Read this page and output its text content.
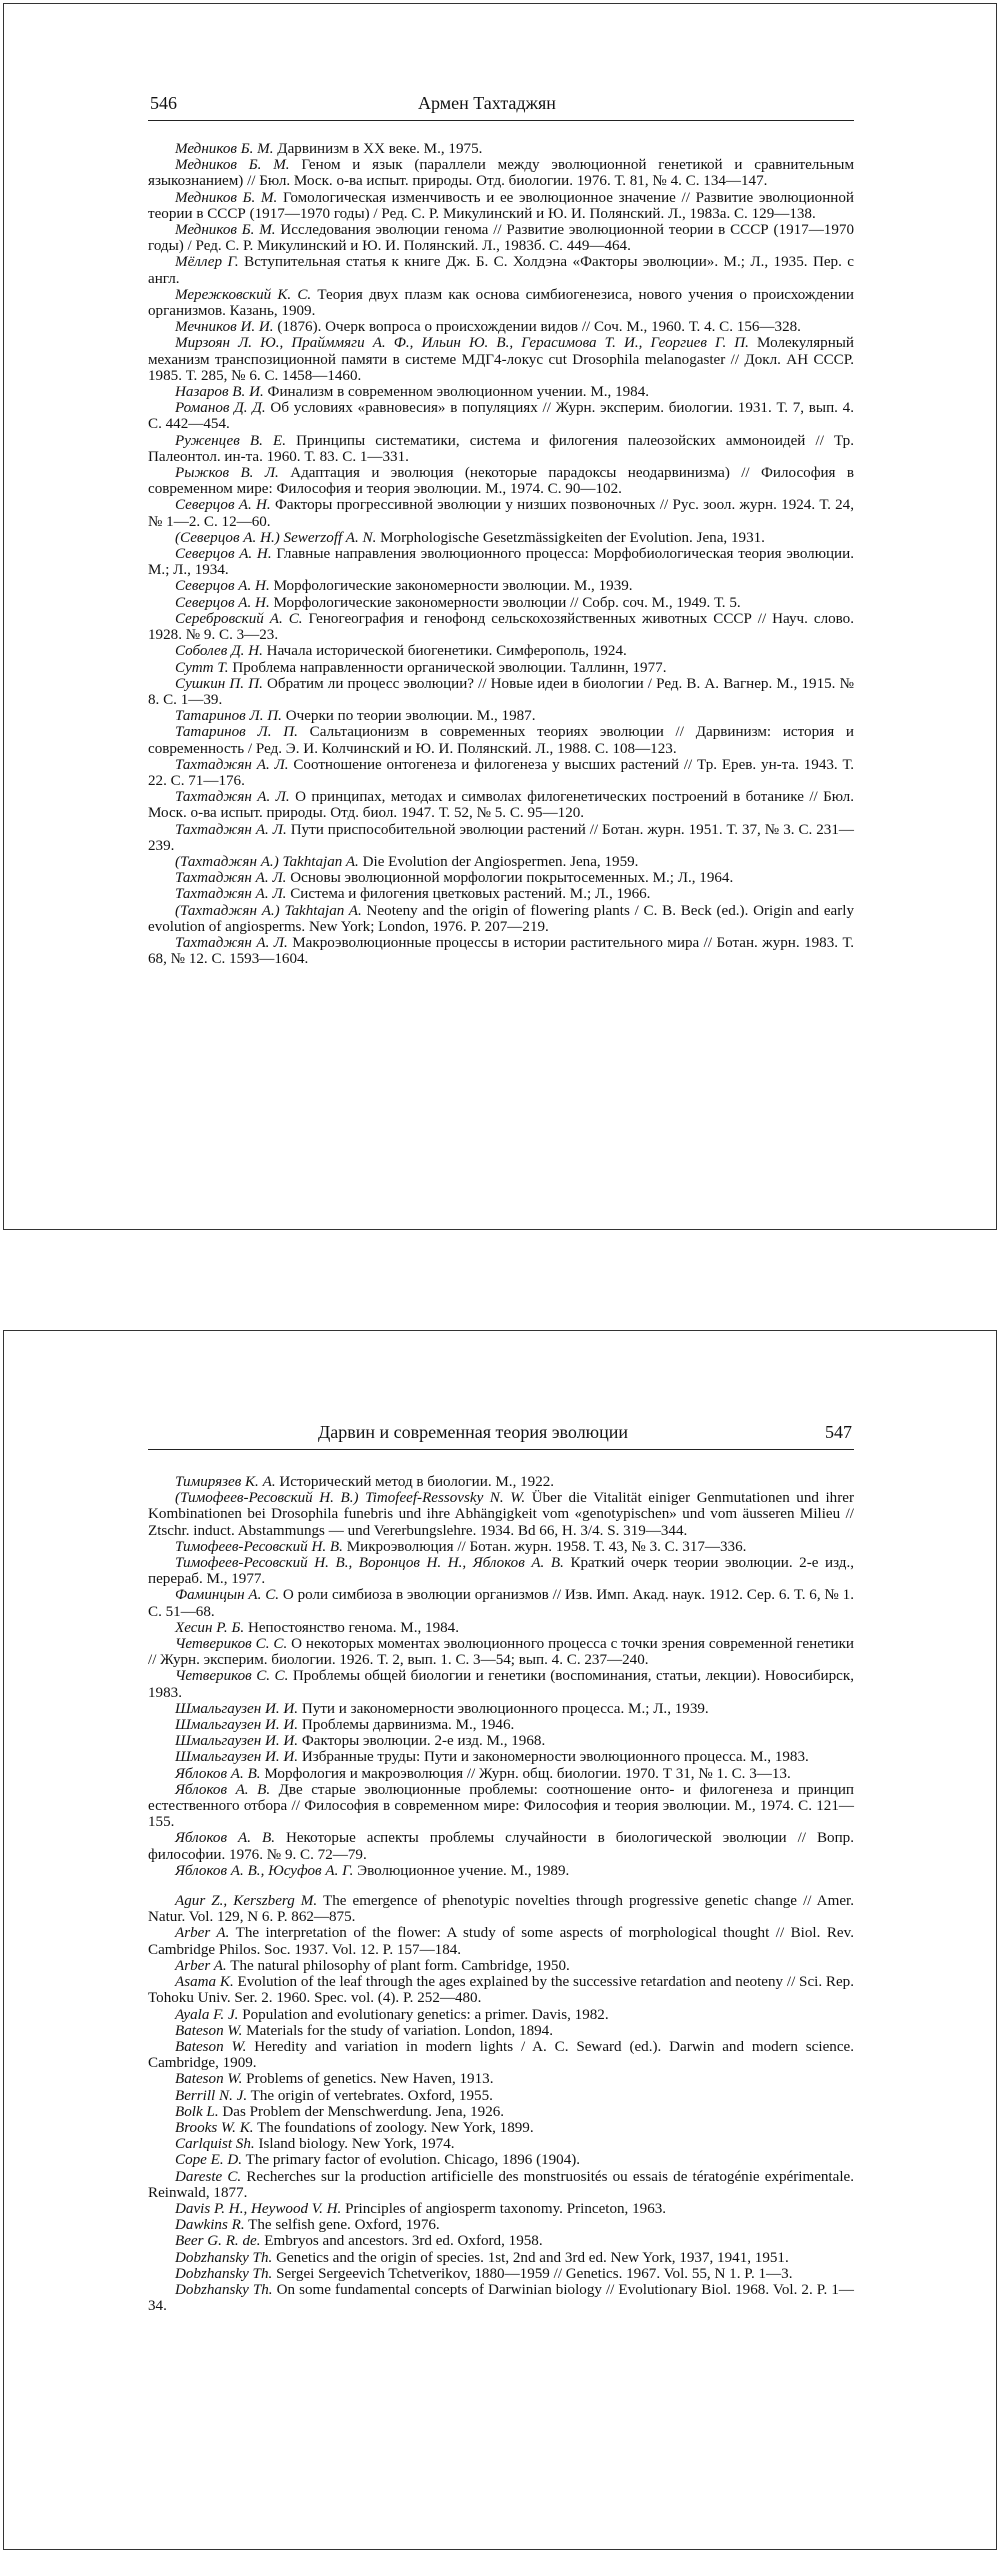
546	Армен Тахтаджян

Медников Б. М. Дарвинизм в XX веке. М., 1975.

Медников Б. М. Геном и язык (параллели между эволюционной генетикой и сравнительным языкознанием) // Бюл. Моск. о-ва испыт. природы. Отд. биологии. 1976. Т. 81, № 4. С. 134—147.

Медников Б. М. Гомологическая изменчивость и ее эволюционное значение // Развитие эволюционной теории в СССР (1917—1970 годы) / Ред. С. Р. Микулинский и Ю. И. Полянский. Л., 1983а. С. 129—138.

Медников Б. М. Исследования эволюции генома // Развитие эволюционной теории в СССР (1917—1970 годы) / Ред. С. Р. Микулинский и Ю. И. Полянский. Л., 1983б. С. 449—464.

Мёллер Г. Вступительная статья к книге Дж. Б. С. Холдэна «Факторы эволюции». М.; Л., 1935. Пер. с англ.

Мережковский К. С. Теория двух плазм как основа симбиогенезиса, нового учения о происхождении организмов. Казань, 1909.

Мечников И. И. (1876). Очерк вопроса о происхождении видов // Соч. М., 1960. Т. 4. С. 156—328.

Мирзоян Л. Ю., Прайммяги А. Ф., Ильин Ю. В., Герасимова Т. И., Георгиев Г. П. Молекулярный механизм транспозиционной памяти в системе МДГ4-локус cut Drosophila melanogaster // Докл. АН СССР. 1985. Т. 285, № 6. С. 1458—1460.

Назаров В. И. Финализм в современном эволюционном учении. М., 1984.

Романов Д. Д. Об условиях «равновесия» в популяциях // Журн. эксперим. биологии. 1931. Т. 7, вып. 4. С. 442—454.

Руженцев В. Е. Принципы систематики, система и филогения палеозойских аммоноидей // Тр. Палеонтол. ин-та. 1960. Т. 83. С. 1—331.

Рыжков В. Л. Адаптация и эволюция (некоторые парадоксы неодарвинизма) // Философия в современном мире: Философия и теория эволюции. М., 1974. С. 90—102.

Северцов А. Н. Факторы прогрессивной эволюции у низших позвоночных // Рус. зоол. журн. 1924. Т. 24, № 1—2. С. 12—60.

(Северцов А. Н.) Sewerzoff A. N. Morphologische Gesetzmässigkeiten der Evolution. Jena, 1931.

Северцов А. Н. Главные направления эволюционного процесса: Морфобиологическая теория эволюции. М.; Л., 1934.

Северцов А. Н. Морфологические закономерности эволюции. М., 1939.

Северцов А. Н. Морфологические закономерности эволюции // Собр. соч. М., 1949. Т. 5.

Серебровский А. С. Геногеография и генофонд сельскохозяйственных животных СССР // Науч. слово. 1928. № 9. С. 3—23.

Соболев Д. Н. Начала исторической биогенетики. Симферополь, 1924.

Сутт Т. Проблема направленности органической эволюции. Таллинн, 1977.

Сушкин П. П. Обратим ли процесс эволюции? // Новые идеи в биологии / Ред. В. А. Вагнер. М., 1915. № 8. С. 1—39.

Татаринов Л. П. Очерки по теории эволюции. М., 1987.

Татаринов Л. П. Сальтационизм в современных теориях эволюции // Дарвинизм: история и современность / Ред. Э. И. Колчинский и Ю. И. Полянский. Л., 1988. С. 108—123.

Тахтаджян А. Л. Соотношение онтогенеза и филогенеза у высших растений // Тр. Ерев. ун-та. 1943. Т. 22. С. 71—176.

Тахтаджян А. Л. О принципах, методах и символах филогенетических построений в ботанике // Бюл. Моск. о-ва испыт. природы. Отд. биол. 1947. Т. 52, № 5. С. 95—120.

Тахтаджян А. Л. Пути приспособительной эволюции растений // Ботан. журн. 1951. Т. 37, № 3. С. 231—239.

(Тахтаджян А.) Takhtajan A. Die Evolution der Angiospermen. Jena, 1959.

Тахтаджян А. Л. Основы эволюционной морфологии покрытосеменных. М.; Л., 1964.

Тахтаджян А. Л. Система и филогения цветковых растений. М.; Л., 1966.

(Тахтаджян А.) Takhtajan A. Neoteny and the origin of flowering plants / C. B. Beck (ed.). Origin and early evolution of angiosperms. New York; London, 1976. P. 207—219.

Тахтаджян А. Л. Макроэволюционные процессы в истории растительного мира // Ботан. журн. 1983. Т. 68, № 12. С. 1593—1604.

Дарвин и современная теория эволюции	547

Тимирязев К. А. Исторический метод в биологии. М., 1922.

(Тимофеев-Ресовский Н. В.) Timofeef-Ressovsky N. W. Über die Vitalität einiger Genmutationen und ihrer Kombinationen bei Drosophila funebris und ihre Abhängigkeit vom «genotypischen» und vom äusseren Milieu // Ztschr. induct. Abstammungs — und Vererbungslehre. 1934. Bd 66, H. 3/4. S. 319—344.

Тимофеев-Ресовский Н. В. Микроэволюция // Ботан. журн. 1958. Т. 43, № 3. С. 317—336.

Тимофеев-Ресовский Н. В., Воронцов Н. Н., Яблоков А. В. Краткий очерк теории эволюции. 2-е изд., перераб. М., 1977.

Фаминцын А. С. О роли симбиоза в эволюции организмов // Изв. Имп. Акад. наук. 1912. Сер. 6. Т. 6, № 1. С. 51—68.

Хесин Р. Б. Непостоянство генома. М., 1984.

Четвериков С. С. О некоторых моментах эволюционного процесса с точки зрения современной генетики // Журн. эксперим. биологии. 1926. Т. 2, вып. 1. С. 3—54; вып. 4. С. 237—240.

Четвериков С. С. Проблемы общей биологии и генетики (воспоминания, статьи, лекции). Новосибирск, 1983.

Шмальгаузен И. И. Пути и закономерности эволюционного процесса. М.; Л., 1939.

Шмальгаузен И. И. Проблемы дарвинизма. М., 1946.

Шмальгаузен И. И. Факторы эволюции. 2-е изд. М., 1968.

Шмальгаузен И. И. Избранные труды: Пути и закономерности эволюционного процесса. М., 1983.

Яблоков А. В. Морфология и макроэволюция // Журн. общ. биологии. 1970. Т 31, № 1. С. 3—13.

Яблоков А. В. Две старые эволюционные проблемы: соотношение онто- и филогенеза и принцип естественного отбора // Философия в современном мире: Философия и теория эволюции. М., 1974. С. 121—155.

Яблоков А. В. Некоторые аспекты проблемы случайности в биологической эволюции // Вопр. философии. 1976. № 9. С. 72—79.

Яблоков А. В., Юсуфов А. Г. Эволюционное учение. М., 1989.

Agur Z., Kerszberg M. The emergence of phenotypic novelties through progressive genetic change // Amer. Natur. Vol. 129, N 6. P. 862—875.

Arber A. The interpretation of the flower: A study of some aspects of morphological thought // Biol. Rev. Cambridge Philos. Soc. 1937. Vol. 12. P. 157—184.

Arber A. The natural philosophy of plant form. Cambridge, 1950.

Asama K. Evolution of the leaf through the ages explained by the successive retardation and neoteny // Sci. Rep. Tohoku Univ. Ser. 2. 1960. Spec. vol. (4). P. 252—480.

Ayala F. J. Population and evolutionary genetics: a primer. Davis, 1982.

Bateson W. Materials for the study of variation. London, 1894.

Bateson W. Heredity and variation in modern lights / A. C. Seward (ed.). Darwin and modern science. Cambridge, 1909.

Bateson W. Problems of genetics. New Haven, 1913.

Berrill N. J. The origin of vertebrates. Oxford, 1955.

Bolk L. Das Problem der Menschwerdung. Jena, 1926.

Brooks W. K. The foundations of zoology. New York, 1899.

Carlquist Sh. Island biology. New York, 1974.

Cope E. D. The primary factor of evolution. Chicago, 1896 (1904).

Dareste C. Recherches sur la production artificielle des monstruosités ou essais de tératogénie expérimentale. Reinwald, 1877.

Davis P. H., Heywood V. H. Principles of angiosperm taxonomy. Princeton, 1963.

Dawkins R. The selfish gene. Oxford, 1976.

Beer G. R. de. Embryos and ancestors. 3rd ed. Oxford, 1958.

Dobzhansky Th. Genetics and the origin of species. 1st, 2nd and 3rd ed. New York, 1937, 1941, 1951.

Dobzhansky Th. Sergei Sergeevich Tchetverikov, 1880—1959 // Genetics. 1967. Vol. 55, N 1. P. 1—3.

Dobzhansky Th. On some fundamental concepts of Darwinian biology // Evolutionary Biol. 1968. Vol. 2. P. 1—34.
